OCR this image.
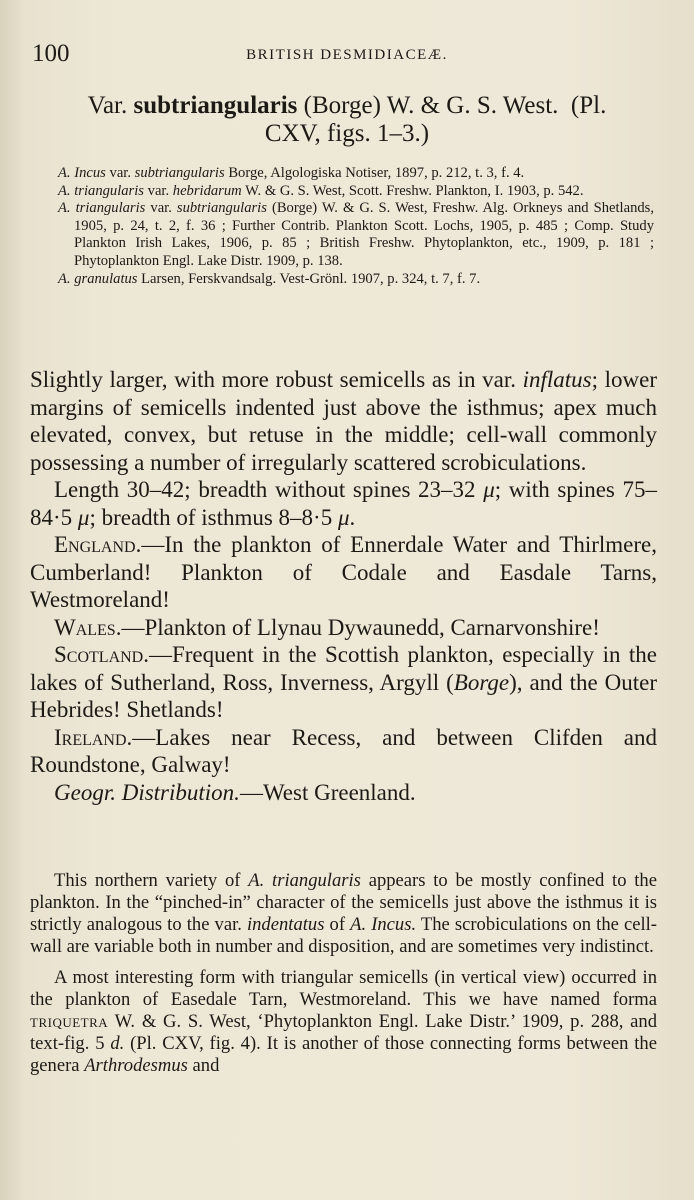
100	BRITISH DESMIDIACEÆ.
Var. subtriangularis (Borge) W. & G. S. West. (Pl.
CXV, figs. 1–3.)
A. Incus var. subtriangularis Borge, Algologiska Notiser, 1897, p. 212, t. 3, f. 4.
A. triangularis var. hebridarum W. & G. S. West, Scott. Freshw. Plankton, I. 1903, p. 542.
A. triangularis var. subtriangularis (Borge) W. & G. S. West, Freshw. Alg. Orkneys and Shetlands, 1905, p. 24, t. 2, f. 36 ; Further Contrib. Plankton Scott. Lochs, 1905, p. 485 ; Comp. Study Plankton Irish Lakes, 1906, p. 85 ; British Freshw. Phytoplankton, etc., 1909, p. 181 ; Phytoplankton Engl. Lake Distr. 1909, p. 138.
A. granulatus Larsen, Ferskvandsalg. Vest-Grönl. 1907, p. 324, t. 7, f. 7.

Slightly larger, with more robust semicells as in var. inflatus; lower margins of semicells indented just above the isthmus; apex much elevated, convex, but retuse in the middle; cell-wall commonly possessing a number of irregularly scattered scrobiculations.

Length 30–42; breadth without spines 23–32 μ; with spines 75–84·5 μ; breadth of isthmus 8–8·5 μ.

England.—In the plankton of Ennerdale Water and Thirlmere, Cumberland! Plankton of Codale and Easdale Tarns, Westmoreland!

Wales.—Plankton of Llynau Dywaunedd, Carnarvonshire!

Scotland.—Frequent in the Scottish plankton, especially in the lakes of Sutherland, Ross, Inverness, Argyll (Borge), and the Outer Hebrides! Shetlands!

Ireland.—Lakes near Recess, and between Clifden and Roundstone, Galway!

Geogr. Distribution.—West Greenland.

This northern variety of A. triangularis appears to be mostly confined to the plankton. In the “pinched-in” character of the semicells just above the isthmus it is strictly analogous to the var. indentatus of A. Incus. The scrobiculations on the cell-wall are variable both in number and disposition, and are sometimes very indistinct.

A most interesting form with triangular semicells (in vertical view) occurred in the plankton of Easedale Tarn, Westmoreland. This we have named forma triquetra W. & G. S. West, ‘Phytoplankton Engl. Lake Distr.’ 1909, p. 288, and text-fig. 5 d. (Pl. CXV, fig. 4). It is another of those connecting forms between the genera Arthrodesmus and
